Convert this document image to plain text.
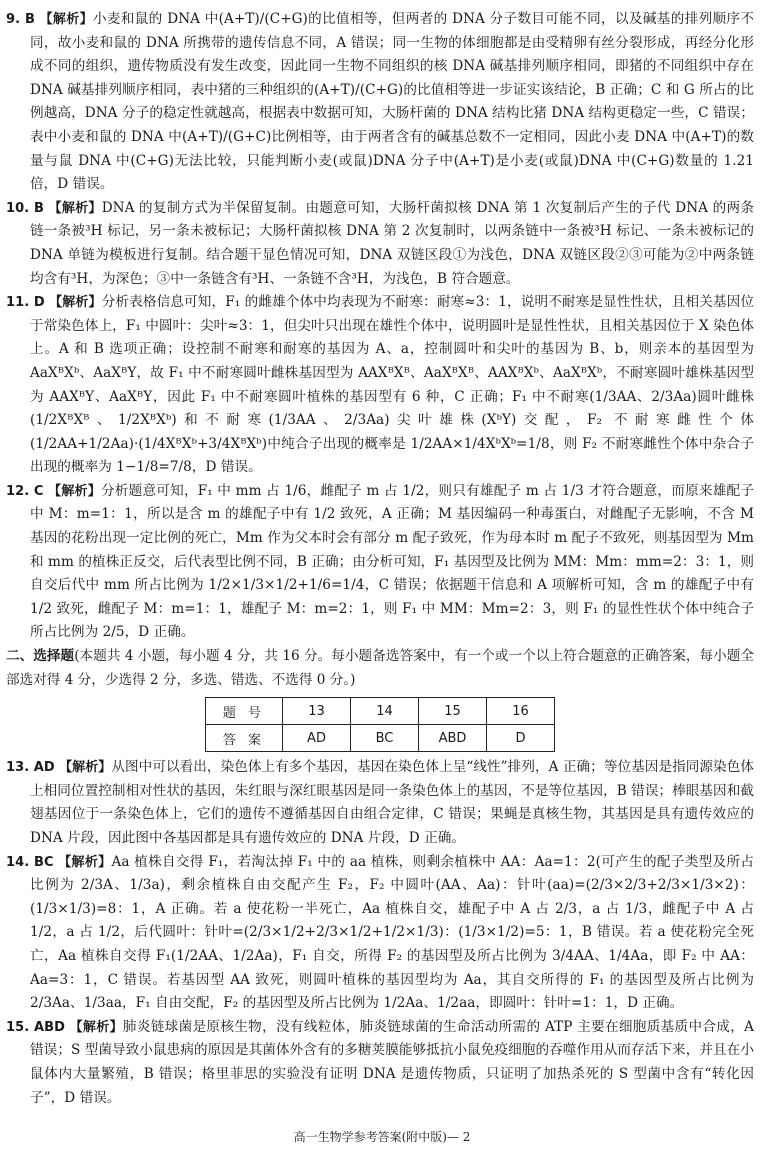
9. B 【解析】小麦和鼠的 DNA 中(A+T)/(C+G)的比值相等，但两者的 DNA 分子数目可能不同，以及碱基的排列顺序不同，故小麦和鼠的 DNA 所携带的遗传信息不同，A 错误；同一生物的体细胞都是由受精卵有丝分裂形成，再经分化形成不同的组织，遗传物质没有发生改变，因此同一生物不同组织的核 DNA 碱基排列顺序相同，即猪的不同组织中存在 DNA 碱基排列顺序相同，表中猪的三种组织的(A+T)/(C+G)的比值相等进一步证实该结论，B 正确；C 和 G 所占的比例越高，DNA 分子的稳定性就越高，根据表中数据可知，大肠杆菌的 DNA 结构比猪 DNA 结构更稳定一些，C 错误；表中小麦和鼠的 DNA 中(A+T)/(G+C)比例相等，由于两者含有的碱基总数不一定相同，因此小麦 DNA 中(A+T)的数量与鼠 DNA 中(C+G)无法比较，只能判断小麦(或鼠)DNA 分子中(A+T)是小麦(或鼠)DNA 中(C+G)数量的 1.21 倍，D 错误。

10. B 【解析】DNA 的复制方式为半保留复制。由题意可知，大肠杆菌拟核 DNA 第 1 次复制后产生的子代 DNA 的两条链一条被³H 标记，另一条未被标记；大肠杆菌拟核 DNA 第 2 次复制时，以两条链中一条被³H 标记、一条未被标记的 DNA 单链为模板进行复制。结合题干显色情况可知，DNA 双链区段①为浅色，DNA 双链区段②③可能为②中两条链均含有³H，为深色；③中一条链含有³H、一条链不含³H，为浅色，B 符合题意。

11. D 【解析】分析表格信息可知，F₁ 的雌雄个体中均表现为不耐寒：耐寒≈3：1，说明不耐寒是显性性状，且相关基因位于常染色体上，F₁ 中圆叶：尖叶≈3：1，但尖叶只出现在雄性个体中，说明圆叶是显性性状，且相关基因位于 X 染色体上。A 和 B 选项正确；设控制不耐寒和耐寒的基因为 A、a，控制圆叶和尖叶的基因为 B、b，则亲本的基因型为 AaXᴮXᵇ、AaXᴮY，故 F₁ 中不耐寒圆叶雌株基因型为 AAXᴮXᴮ、AaXᴮXᴮ、AAXᴮXᵇ、AaXᴮXᵇ，不耐寒圆叶雄株基因型为 AAXᴮY、AaXᴮY，因此 F₁ 中不耐寒圆叶植株的基因型有 6 种，C 正确；F₁ 中不耐寒(1/3AA、2/3Aa)圆叶雌株(1/2XᴮXᴮ、1/2XᴮXᵇ)和不耐寒(1/3AA、2/3Aa)尖叶雄株(XᵇY)交配，F₂ 不耐寒雌性个体(1/2AA+1/2Aa)·(1/4XᴮXᵇ+3/4XᴮXᵇ)中纯合子出现的概率是 1/2AA×1/4XᵇXᵇ=1/8，则 F₂ 不耐寒雌性个体中杂合子出现的概率为 1−1/8=7/8，D 错误。

12. C 【解析】分析题意可知，F₁ 中 mm 占 1/6，雌配子 m 占 1/2，则只有雄配子 m 占 1/3 才符合题意，而原来雄配子中 M：m=1：1，所以是含 m 的雄配子中有 1/2 致死，A 正确；M 基因编码一种毒蛋白，对雌配子无影响，不含 M 基因的花粉出现一定比例的死亡，Mm 作为父本时会有部分 m 配子致死，作为母本时 m 配子不致死，则基因型为 Mm 和 mm 的植株正反交，后代表型比例不同，B 正确；由分析可知，F₁ 基因型及比例为 MM：Mm：mm=2：3：1，则自交后代中 mm 所占比例为 1/2×1/3×1/2+1/6=1/4，C 错误；依据题干信息和 A 项解析可知，含 m 的雄配子中有 1/2 致死，雌配子 M：m=1：1，雄配子 M：m=2：1，则 F₁ 中 MM：Mm=2：3，则 F₁ 的显性性状个体中纯合子所占比例为 2/5，D 正确。

二、选择题(本题共 4 小题，每小题 4 分，共 16 分。每小题备选答案中，有一个或一个以上符合题意的正确答案，每小题全部选对得 4 分，少选得 2 分，多选、错选、不选得 0 分。)

题 号	13	14	15	16
答 案	AD	BC	ABD	D

13. AD 【解析】从图中可以看出，染色体上有多个基因，基因在染色体上呈“线性”排列，A 正确；等位基因是指同源染色体上相同位置控制相对性状的基因，朱红眼与深红眼基因是同一条染色体上的基因，不是等位基因，B 错误；棒眼基因和截翅基因位于一条染色体上，它们的遗传不遵循基因自由组合定律，C 错误；果蝇是真核生物，其基因是具有遗传效应的 DNA 片段，因此图中各基因都是具有遗传效应的 DNA 片段，D 正确。

14. BC 【解析】Aa 植株自交得 F₁，若淘汰掉 F₁ 中的 aa 植株，则剩余植株中 AA：Aa=1：2(可产生的配子类型及所占比例为 2/3A、1/3a)，剩余植株自由交配产生 F₂，F₂ 中圆叶(AA、Aa)：针叶(aa)=(2/3×2/3+2/3×1/3×2)：(1/3×1/3)=8：1，A 正确。若 a 使花粉一半死亡，Aa 植株自交，雄配子中 A 占 2/3，a 占 1/3，雌配子中 A 占 1/2，a 占 1/2，后代圆叶：针叶=(2/3×1/2+2/3×1/2+1/2×1/3)：(1/3×1/2)=5：1，B 错误。若 a 使花粉完全死亡，Aa 植株自交得 F₁(1/2AA、1/2Aa)，F₁ 自交，所得 F₂ 的基因型及所占比例为 3/4AA、1/4Aa，即 F₂ 中 AA：Aa=3：1，C 错误。若基因型 AA 致死，则圆叶植株的基因型均为 Aa，其自交所得的 F₁ 的基因型及所占比例为 2/3Aa、1/3aa，F₁ 自由交配，F₂ 的基因型及所占比例为 1/2Aa、1/2aa，即圆叶：针叶=1：1，D 正确。

15. ABD 【解析】肺炎链球菌是原核生物，没有线粒体，肺炎链球菌的生命活动所需的 ATP 主要在细胞质基质中合成，A 错误；S 型菌导致小鼠患病的原因是其菌体外含有的多糖荚膜能够抵抗小鼠免疫细胞的吞噬作用从而存活下来，并且在小鼠体内大量繁殖，B 错误；格里菲思的实验没有证明 DNA 是遗传物质，只证明了加热杀死的 S 型菌中含有“转化因子”，D 错误。

高一生物学参考答案(附中版)— 2
